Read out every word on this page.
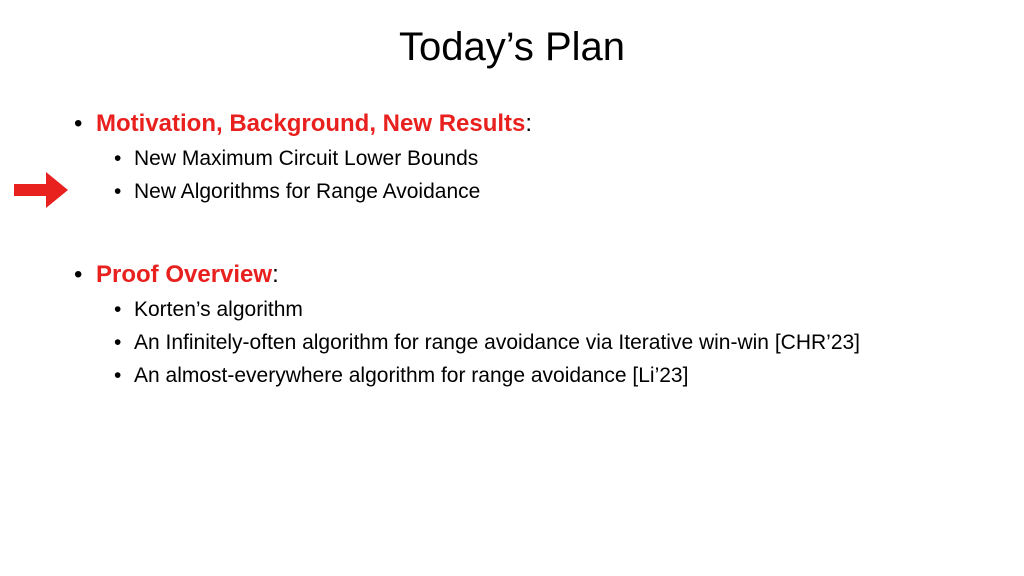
Today’s Plan
• Motivation, Background, New Results:
• New Maximum Circuit Lower Bounds
• New Algorithms for Range Avoidance
• Proof Overview:
• Korten’s algorithm
• An Infinitely-often algorithm for range avoidance via Iterative win-win [CHR’23]
• An almost-everywhere algorithm for range avoidance [Li’23]
